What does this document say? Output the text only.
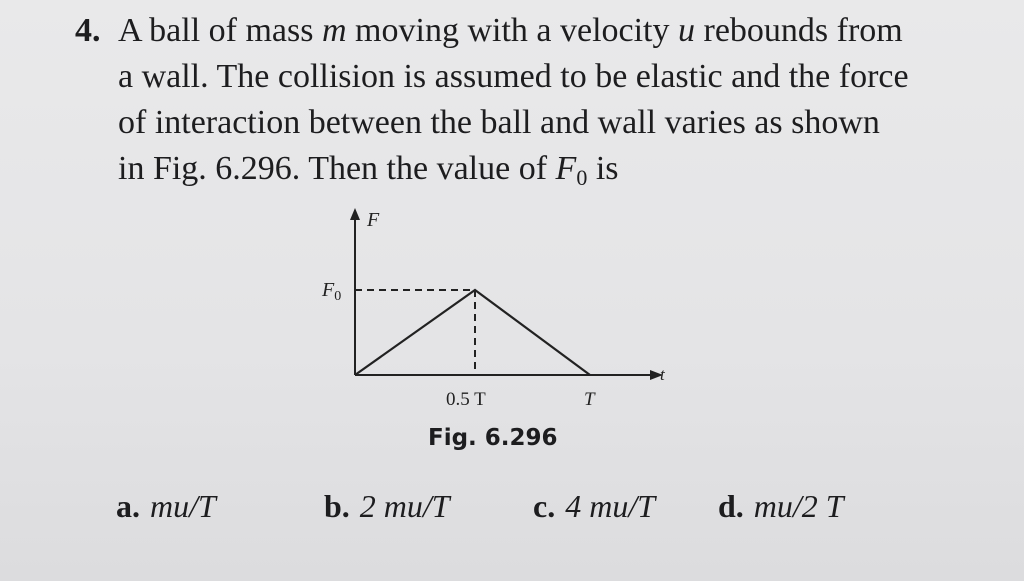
4. A ball of mass m moving with a velocity u rebounds from
a wall. The collision is assumed to be elastic and the force
of interaction between the ball and wall varies as shown
in Fig. 6.296. Then the value of $F_0$ is
F
t
$F_0$
0.5 T	T
Fig. 6.296
a. mu/T	b. 2 mu/T	c. 4 mu/T d. mu/2 T
